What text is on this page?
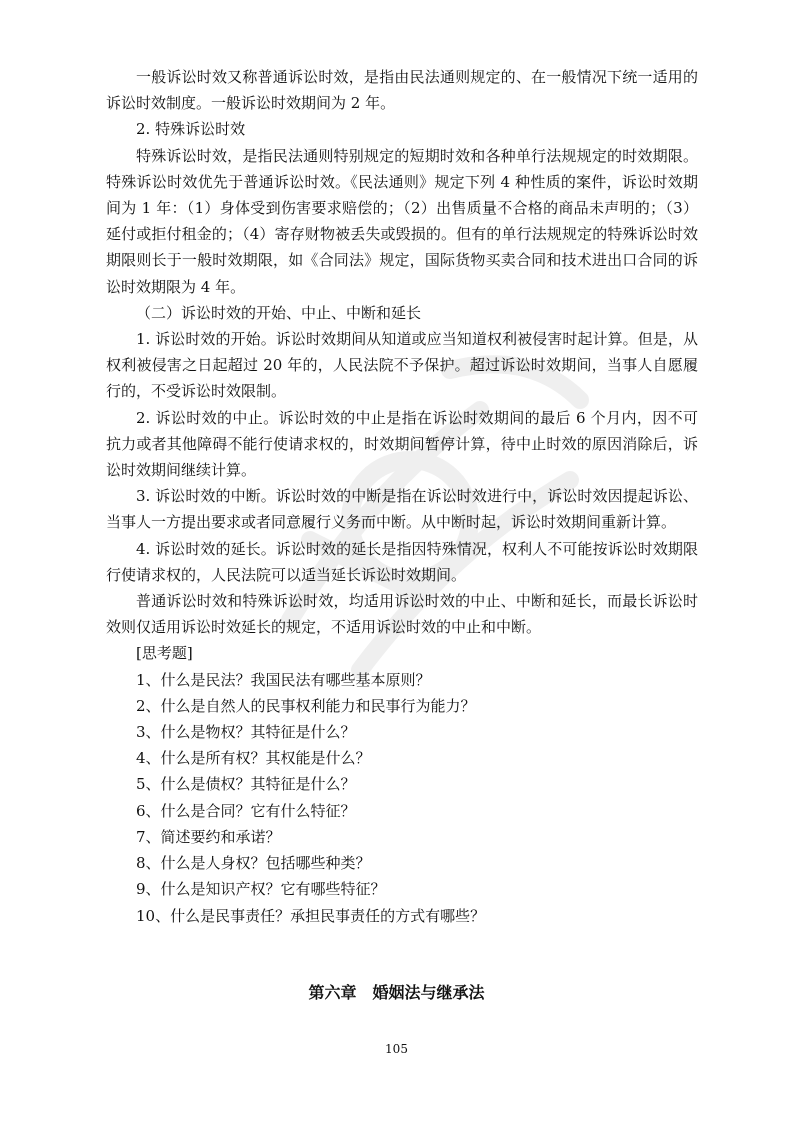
一般诉讼时效又称普通诉讼时效，是指由民法通则规定的、在一般情况下统一适用的诉讼时效制度。一般诉讼时效期间为 2 年。

2. 特殊诉讼时效

特殊诉讼时效，是指民法通则特别规定的短期时效和各种单行法规规定的时效期限。特殊诉讼时效优先于普通诉讼时效。《民法通则》规定下列 4 种性质的案件，诉讼时效期间为 1 年：（1）身体受到伤害要求赔偿的；（2）出售质量不合格的商品未声明的；（3）延付或拒付租金的；（4）寄存财物被丢失或毁损的。但有的单行法规规定的特殊诉讼时效期限则长于一般时效期限，如《合同法》规定，国际货物买卖合同和技术进出口合同的诉讼时效期限为 4 年。

（二）诉讼时效的开始、中止、中断和延长

1. 诉讼时效的开始。诉讼时效期间从知道或应当知道权利被侵害时起计算。但是，从权利被侵害之日起超过 20 年的，人民法院不予保护。超过诉讼时效期间，当事人自愿履行的，不受诉讼时效限制。

2. 诉讼时效的中止。诉讼时效的中止是指在诉讼时效期间的最后 6 个月内，因不可抗力或者其他障碍不能行使请求权的，时效期间暂停计算，待中止时效的原因消除后，诉讼时效期间继续计算。

3. 诉讼时效的中断。诉讼时效的中断是指在诉讼时效进行中，诉讼时效因提起诉讼、当事人一方提出要求或者同意履行义务而中断。从中断时起，诉讼时效期间重新计算。

4. 诉讼时效的延长。诉讼时效的延长是指因特殊情况，权利人不可能按诉讼时效期限行使请求权的，人民法院可以适当延长诉讼时效期间。

普通诉讼时效和特殊诉讼时效，均适用诉讼时效的中止、中断和延长，而最长诉讼时效则仅适用诉讼时效延长的规定，不适用诉讼时效的中止和中断。

[思考题]

1、什么是民法？我国民法有哪些基本原则？

2、什么是自然人的民事权利能力和民事行为能力？

3、什么是物权？其特征是什么？

4、什么是所有权？其权能是什么？

5、什么是债权？其特征是什么？

6、什么是合同？它有什么特征？

7、简述要约和承诺？

8、什么是人身权？包括哪些种类？

9、什么是知识产权？它有哪些特征？

10、什么是民事责任？承担民事责任的方式有哪些？

第六章　婚姻法与继承法
105
